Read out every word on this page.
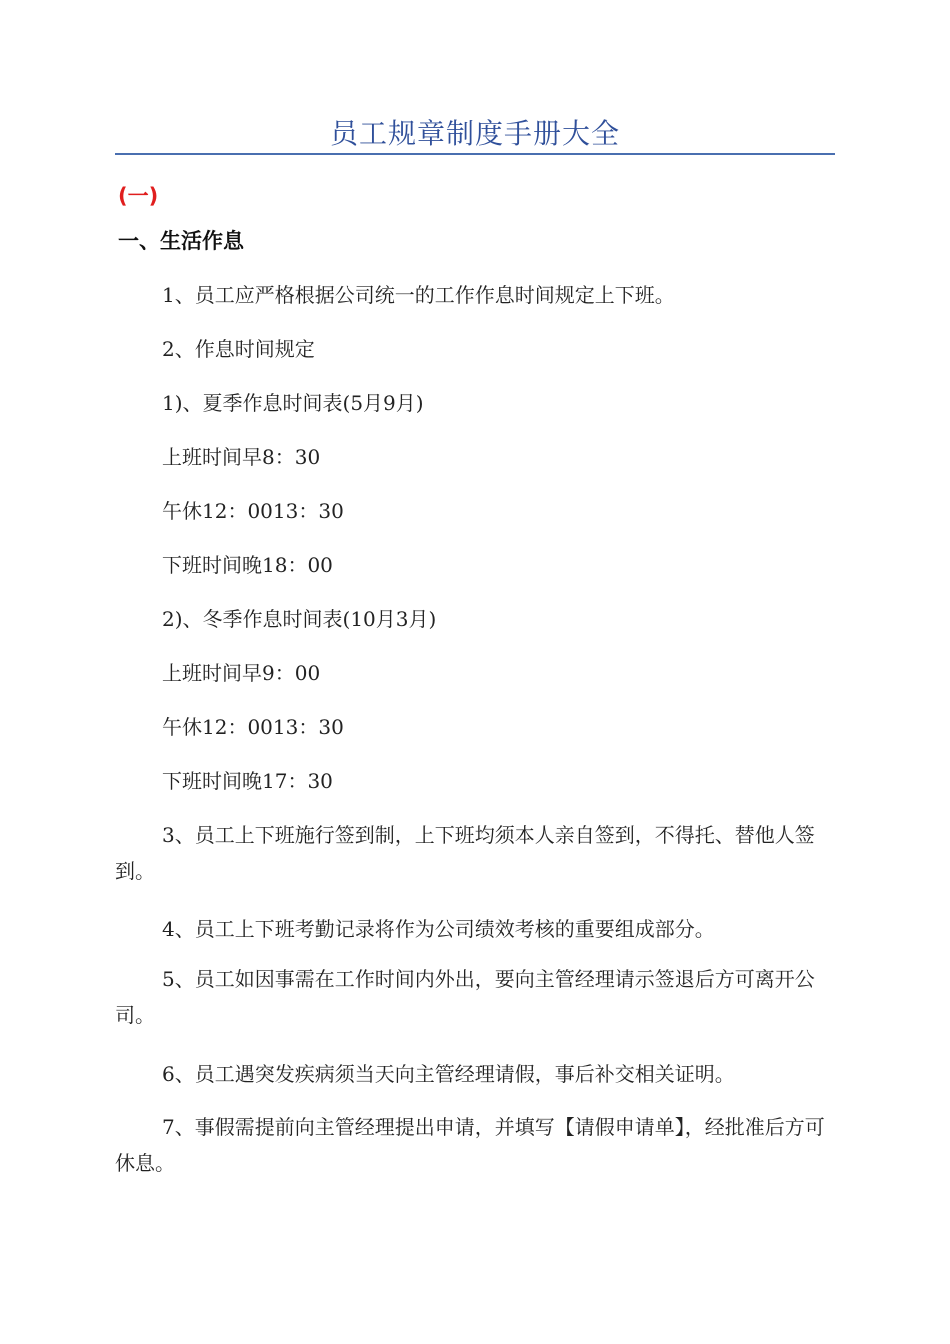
员工规章制度手册大全
(一)
一、生活作息
1、员工应严格根据公司统一的工作作息时间规定上下班。
2、作息时间规定
1)、夏季作息时间表(5月9月)
上班时间早8：30
午休12：0013：30
下班时间晚18：00
2)、冬季作息时间表(10月3月)
上班时间早9：00
午休12：0013：30
下班时间晚17：30
3、员工上下班施行签到制，上下班均须本人亲自签到，不得托、替他人签到。
4、员工上下班考勤记录将作为公司绩效考核的重要组成部分。
5、员工如因事需在工作时间内外出，要向主管经理请示签退后方可离开公司。
6、员工遇突发疾病须当天向主管经理请假，事后补交相关证明。
7、事假需提前向主管经理提出申请，并填写【请假申请单】，经批准后方可休息。
